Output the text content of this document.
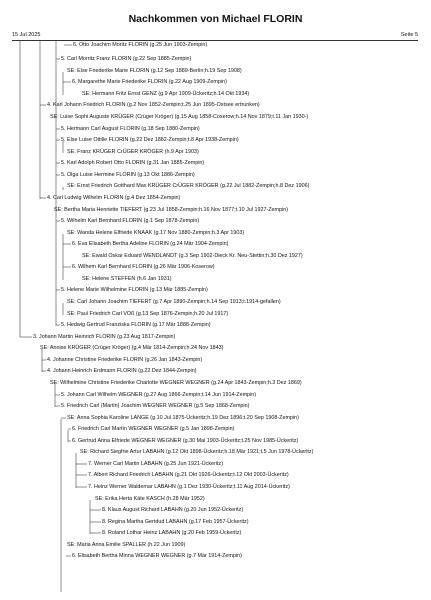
Nachkommen von Michael FLORIN
15 Jul 2025	Seite 5
6. Otto Joachim Moritz FLORIN (g.25 Jun 1903-Zempin)
5. Carl Morritz Franz FLORIN (g.22 Sep 1885-Zempin)
SE: Else Friederike Marie FLORIN (g.12 Sep 1889-Berlin;h.19 Sep 1908)
6. Margarethe Marie Friederike FLORIN (g.22 Aug 1909-Zempin)
SE: Hermann Fritz Ernst GENZ (g.9 Apr 1909-Ückeritz;h.14 Okt 1934)
4. Karl Johann Friedrich FLORIN (g.2 Nov 1852-Zempin;t.25 Jun 1895-Ostsee ertrunken)
SE: Luise Sophi Auguste KRÜGER (Crüger Kröger) (g.15 Aug 1858-Coserow;h.14 Nov 1879;t.11 Jan 1930-)
5. Hermann Carl August FLORIN (g.18 Sep 1880-Zempin)
5. Else Luise Ottilie FLORIN (g.22 Dez 1882-Zempin;t.8 Apr 1938-Zempin)
SE: Franz KRÜGER CrÜGER KRÖGER (h.9 Apr 1903)
5. Karl Adolph Robert Otto FLORIN (g.31 Jan 1885-Zempin)
5. Olga Luise Hermine FLORIN (g.13 Okt 1886-Zempin)
SE: Ernst Friedrich Gotthard Max KRÜGER CrÜGER KRÖGER (g.22 Jul 1882-Zempin;h.8 Dez 1906)
4. Carl Ludwig Wilhelm FLORIN (g.4 Dez 1854-Zempin)
SE: Bertha Maria Henriette TIEFERT (g.23 Jul 1858-Zempin;h.16 Nov 1877;t.10 Jul 1927-Zempin)
5. Wilhelm Karl Bernhard FLORIN (g.1 Sep 1878-Zempin)
SE: Wanda Helene Elfriede KNAAK (g.17 Nov 1880-Zempin;h.3 Apr 1903)
6. Eva Elisabeth Bertha Adeline FLORIN (g.24 Mär 1904-Zempin)
SE: Ewald Oskar Eduard WENDLANDT (g.3 Sep 1902-Dieck Kr. Neu-Stettin;h.30 Dez 1927)
6. Wilhem Karl Bernhard FLORIN (g.26 Mär 1906-Koserow)
SE: Helene STEFFEN (h.6 Jan 1931)
5. Helene Marie Wilhelmine FLORIN (g.13 Mär 1885-Zempin)
SE: Carl Johann Joachim TIEFERT (g.7 Apr 1890-Zempin;h.14 Sep 1913;t.1914-gefallen)
SE: Paul Friedrich Carl VOß (g.13 Sep 1876-Zempin;h.20 Jul 1917)
5. Hedwig Gertrud Franziska FLORIN (g.17 Mär 1888-Zempin)
3. Johann Martin Heinrich FLORIN (g.23 Aug 1817-Zempin)
SE: Annise KRÜGER (Crüger Kröger) (g.4 Mär 1814-Zempin;h.24 Nov 1843)
4. Johanne Christine Friederike FLORIN (g.26 Jan 1843-Zempin)
4. Johann Heinrich Erdmann FLORIN (g.22 Dez 1844-Zempin)
SE: Wilhelmine Christine Friederike Charlotte WEGNER WEGNER (g.24 Apr 1843-Zempin;h.3 Dez 1869)
5. Johann Carl Wilhelm WEGNER (g.27 Aug 1866-Zempin;t.14 Jun 1914-Zempin)
5. Friedrich Carl (Martin) Joachim WEGNER WEGNER (g.5 Sep 1868-Zempin)
SE: Anna Sophia Karoline LANGE (g.10 Jul 1875-Ückeritz;h.19 Dez 1896;t.20 Sep 1908-Zempin)
6. Friedrich Carl Martin WEGNER WEGNER (g.5 Jan 1898-Zempin)
6. Gertrud Anna Elfriede WEGNER WEGNER (g.30 Mai 1903-Ückeritz;t.25 Nov 1985-Ückeritz)
SE: Richard Siegfrie Artur LABAHN (g.12 Okt 1898-Ückeritz;h.18 Mär 1921;t.5 Jun 1978-Ückeritz)
7. Werner Carl Martin LABAHN (g.25 Jun 1921-Ückeritz)
7. Albert Richard Friedrich LABAHN (g.21 Okt 1926-Ückeritz;t.12 Okt 2003-Ückeritz)
7. Heinz Werner Waldemar LABAHN (g.1 Dez 1930-Ückeritz;t.11 Aug 2014-Ückeritz)
SE: Erika Herta Käte KASCH (h.28 Mär 1952)
8. Klaus August Richard LABAHN (g.20 Jun 1952-Ückeritz)
8. Regina Martha Gertdud LABAHN (g.17 Feb 1957-Ückeritz)
8. Roland Lothar Heinz LABAHN (g.20 Feb 1959-Ückeritz)
SE: Maria Anna Emilie SPALLER (h.22 Jun 1909)
6. Elisabeth Bertha Minna WEGNER WEGNER (g.7 Mär 1914-Zempin)
